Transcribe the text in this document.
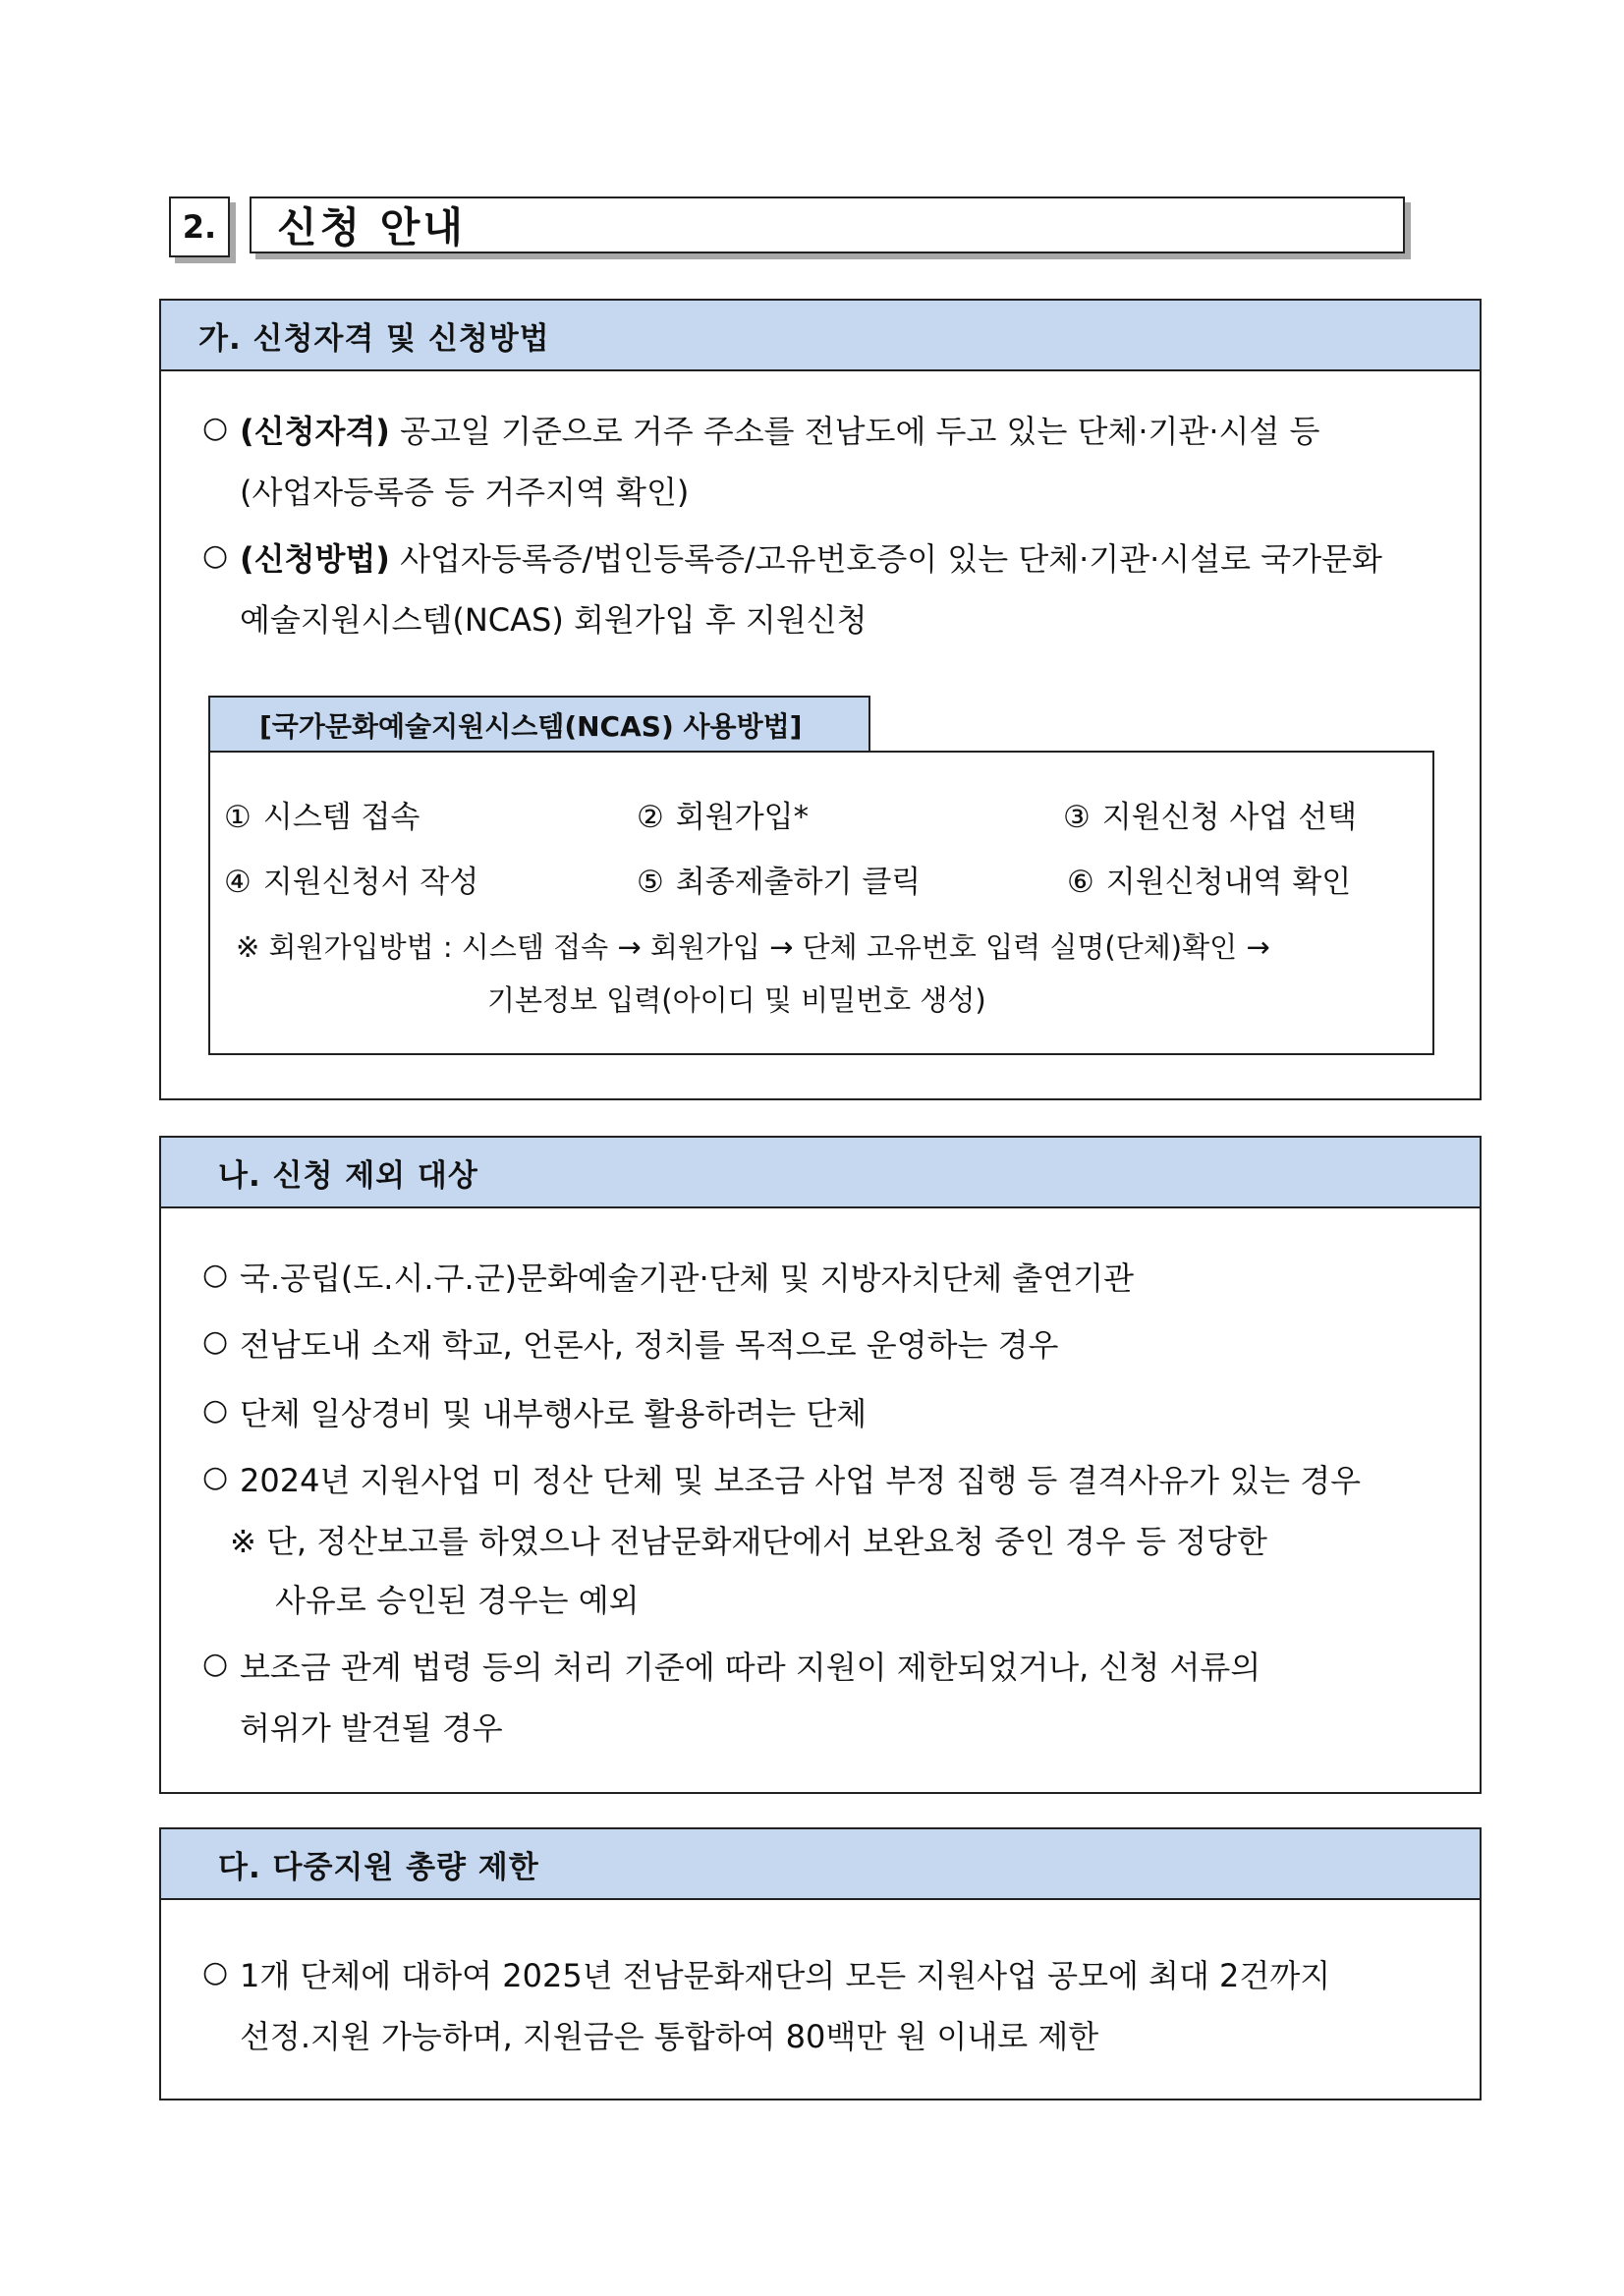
2.	신청 안내
가. 신청자격 및 신청방법
○ (신청자격) 공고일 기준으로 거주 주소를 전남도에 두고 있는 단체·기관·시설 등
(사업자등록증 등 거주지역 확인)
○ (신청방법) 사업자등록증/법인등록증/고유번호증이 있는 단체·기관·시설로 국가문화
예술지원시스템(NCAS) 회원가입 후 지원신청
[국가문화예술지원시스템(NCAS) 사용방법]
① 시스템 접속	② 회원가입*	③ 지원신청 사업 선택
④ 지원신청서 작성	⑤ 최종제출하기 클릭	⑥ 지원신청내역 확인
※ 회원가입방법 : 시스템 접속 → 회원가입 → 단체 고유번호 입력 실명(단체)확인 →
기본정보 입력(아이디 및 비밀번호 생성)
나. 신청 제외 대상
○ 국.공립(도.시.구.군)문화예술기관·단체 및 지방자치단체 출연기관
○ 전남도내 소재 학교, 언론사, 정치를 목적으로 운영하는 경우
○ 단체 일상경비 및 내부행사로 활용하려는 단체
○ 2024년 지원사업 미 정산 단체 및 보조금 사업 부정 집행 등 결격사유가 있는 경우
※ 단, 정산보고를 하였으나 전남문화재단에서 보완요청 중인 경우 등 정당한
사유로 승인된 경우는 예외
○ 보조금 관계 법령 등의 처리 기준에 따라 지원이 제한되었거나, 신청 서류의
허위가 발견될 경우
다. 다중지원 총량 제한
○ 1개 단체에 대하여 2025년 전남문화재단의 모든 지원사업 공모에 최대 2건까지
선정.지원 가능하며, 지원금은 통합하여 80백만 원 이내로 제한
